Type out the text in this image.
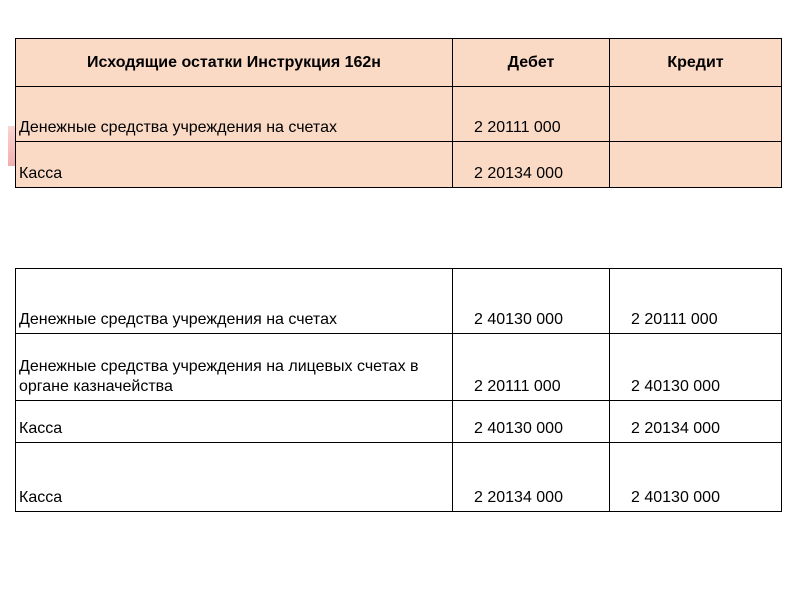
Исходящие остатки Инструкция 162н	Дебет	Кредит
Денежные средства учреждения на счетах	2 20111 000	
Касса	2 20134 000	
Денежные средства учреждения на счетах	2 40130 000	2 20111 000
Денежные средства учреждения на лицевых счетах в органе казначейства	2 20111 000	2 40130 000
Касса	2 40130 000	2 20134 000
Касса	2 20134 000	2 40130 000
